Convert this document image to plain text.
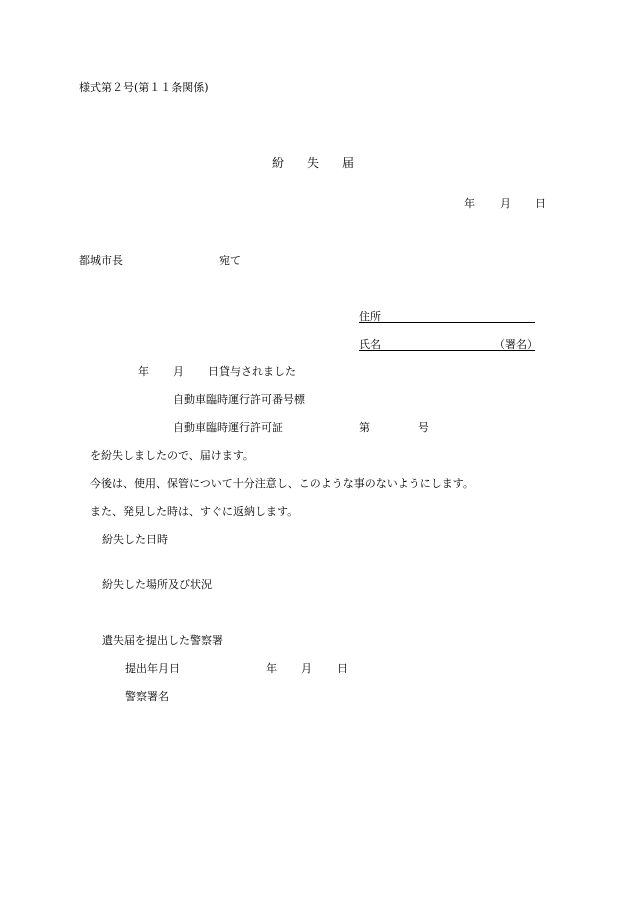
様式第２号(第１１条関係)
紛 失 届
年 月 日
都城市長	宛て
住所
氏名	（署名）
年 月 日貸与されました
自動車臨時運行許可番号標
自動車臨時運行許可証	第	号
を紛失しましたので、届けます。
今後は、使用、保管について十分注意し、このような事のないようにします。
また、発見した時は、すぐに返納します。
紛失した日時
紛失した場所及び状況
遺失届を提出した警察署
提出年月日	年 月 日
警察署名
